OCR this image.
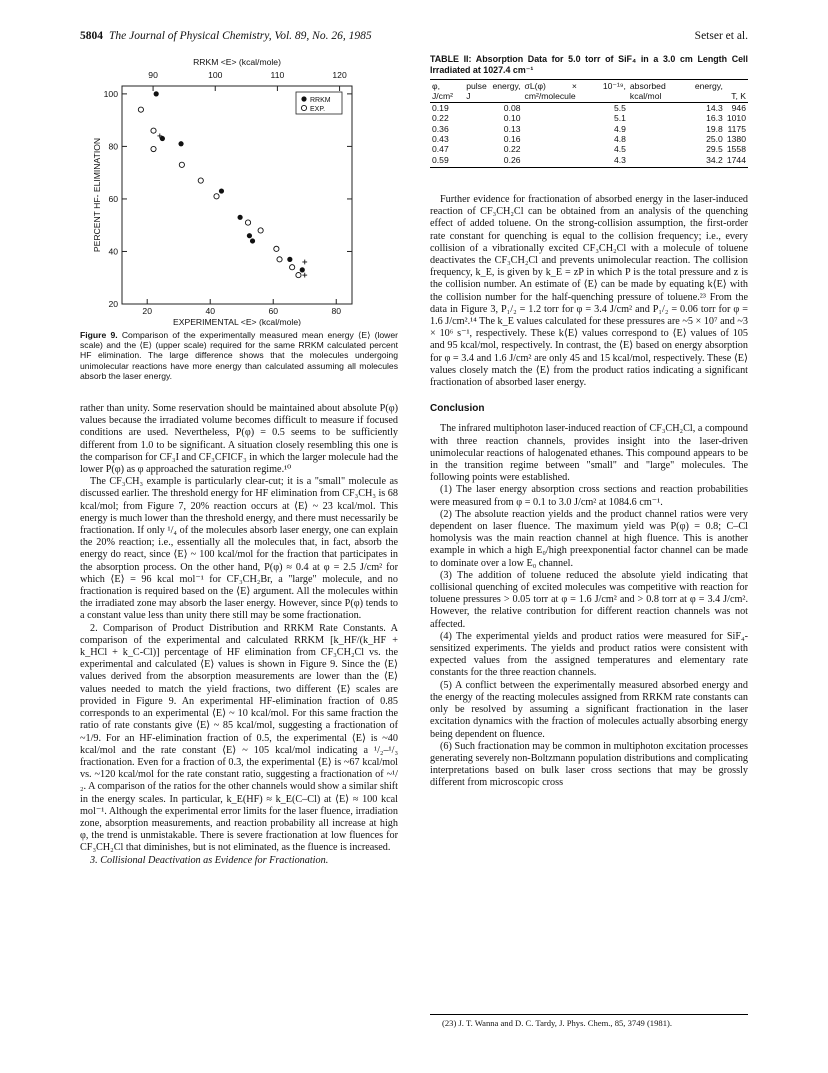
5804 The Journal of Physical Chemistry, Vol. 89, No. 26, 1985	Setser et al.
RRKM <E> (kcal/mole)
90	100	110	120
20	40	60	80
EXPERIMENTAL <E> (kcal/mole)
20
40
60
80
100
PERCENT HF- ELIMINATION
RRKM
EXP.
Figure 9. Comparison of the experimentally measured mean energy ⟨E⟩ (lower scale) and the ⟨E⟩ (upper scale) required for the same RRKM calculated percent HF elimination. The large difference shows that the molecules undergoing unimolecular reactions have more energy than calculated assuming all molecules absorb the laser energy.

rather than unity. Some reservation should be maintained about absolute P(φ) values because the irradiated volume becomes difficult to measure if focused conditions are used. Nevertheless, P(φ) = 0.5 seems to be sufficiently different from 1.0 to be significant. A situation closely resembling this one is the comparison for CF₃I and CF₃CFICF₃ in which the larger molecule had the lower P(φ) as φ approached the saturation regime.¹⁰

The CF₃CH₃ example is particularly clear-cut; it is a "small" molecule as discussed earlier. The threshold energy for HF elimination from CF₃CH₃ is 68 kcal/mol; from Figure 7, 20% reaction occurs at ⟨E⟩ ~ 23 kcal/mol. This energy is much lower than the threshold energy, and there must necessarily be fractionation. If only ¹/₄ of the molecules absorb laser energy, one can explain the 20% reaction; i.e., essentially all the molecules that, in fact, absorb the energy do react, since ⟨E⟩ ~ 100 kcal/mol for the fraction that participates in the absorption process. On the other hand, P(φ) ≈ 0.4 at φ = 2.5 J/cm² for which ⟨E⟩ = 96 kcal mol⁻¹ for CF₃CH₂Br, a "large" molecule, and no fractionation is required based on the ⟨E⟩ argument. All the molecules within the irradiated zone may absorb the laser energy. However, since P(φ) tends to a constant value less than unity there still may be some fractionation.

2. Comparison of Product Distribution and RRKM Rate Constants. A comparison of the experimental and calculated RRKM [k_HF/(k_HF + k_HCl + k_C-Cl)] percentage of HF elimination from CF₃CH₂Cl vs. the experimental and calculated ⟨E⟩ values is shown in Figure 9. Since the ⟨E⟩ values derived from the absorption measurements are lower than the ⟨E⟩ values needed to match the yield fractions, two different ⟨E⟩ scales are provided in Figure 9. An experimental HF-elimination fraction of 0.85 corresponds to an experimental ⟨E⟩ ~ 10 kcal/mol. For this same fraction the ratio of rate constants give ⟨E⟩ ~ 85 kcal/mol, suggesting a fractionation of ~1/9. For an HF-elimination fraction of 0.5, the experimental ⟨E⟩ is ~40 kcal/mol and the rate constant ⟨E⟩ ~ 105 kcal/mol indicating a ¹/₂–¹/₃ fractionation. Even for a fraction of 0.3, the experimental ⟨E⟩ is ~67 kcal/mol vs. ~120 kcal/mol for the rate constant ratio, suggesting a fractionation of ~¹/₂. A comparison of the ratios for the other channels would show a similar shift in the energy scales. In particular, k_E(HF) ≈ k_E(C–Cl) at ⟨E⟩ ≈ 100 kcal mol⁻¹. Although the experimental error limits for the laser fluence, irradiation zone, absorption measurements, and reaction probability all increase at high φ, the trend is unmistakable. There is severe fractionation at low fluences for CF₃CH₂Cl that diminishes, but is not eliminated, as the fluence is increased.

3. Collisional Deactivation as Evidence for Fractionation.

TABLE II: Absorption Data for 5.0 torr of SiF₄ in a 3.0 cm Length Cell Irradiated at 1027.4 cm⁻¹
φ, J/cm²	pulse energy, J	σL(φ) × 10⁻¹⁹, cm²/molecule	absorbed energy, kcal/mol	T, K
0.19	0.08	5.5	14.3	946
0.22	0.10	5.1	16.3	1010
0.36	0.13	4.9	19.8	1175
0.43	0.16	4.8	25.0	1380
0.47	0.22	4.5	29.5	1558
0.59	0.26	4.3	34.2	1744

Further evidence for fractionation of absorbed energy in the laser-induced reaction of CF₃CH₂Cl can be obtained from an analysis of the quenching effect of added toluene. On the strong-collision assumption, the first-order rate constant for quenching is equal to the collision frequency; i.e., every collision of a vibrationally excited CF₃CH₂Cl with a molecule of toluene deactivates the CF₃CH₂Cl and prevents unimolecular reaction. The collision frequency, k_E, is given by k_E = zP in which P is the total pressure and z is the collision number. An estimate of ⟨E⟩ can be made by equating k⟨E⟩ with the collision number for the half-quenching pressure of toluene.²³ From the data in Figure 3, P₁/₂ = 1.2 torr for φ = 3.4 J/cm² and P₁/₂ = 0.06 torr for φ = 1.6 J/cm².¹⁴ The k_E values calculated for these pressures are ~5 × 10⁷ and ~3 × 10⁶ s⁻¹, respectively. These k⟨E⟩ values correspond to ⟨E⟩ values of 105 and 95 kcal/mol, respectively. In contrast, the ⟨E⟩ based on energy absorption for φ = 3.4 and 1.6 J/cm² are only 45 and 15 kcal/mol, respectively. These ⟨E⟩ values closely match the ⟨E⟩ from the product ratios indicating a significant fractionation of absorbed laser energy.

Conclusion

The infrared multiphoton laser-induced reaction of CF₃CH₂Cl, a compound with three reaction channels, provides insight into the laser-driven unimolecular reactions of halogenated ethanes. This compound appears to be in the transition regime between "small" and "large" molecules. The following points were established.

(1) The laser energy absorption cross sections and reaction probabilities were measured from φ = 0.1 to 3.0 J/cm² at 1084.6 cm⁻¹.

(2) The absolute reaction yields and the product channel ratios were very dependent on laser fluence. The maximum yield was P(φ) = 0.8; C–Cl homolysis was the main reaction channel at high fluence. This is another example in which a high E₀/high preexponential factor channel can be made to dominate over a low E₀ channel.

(3) The addition of toluene reduced the absolute yield indicating that collisional quenching of excited molecules was competitive with reaction for toluene pressures > 0.05 torr at φ = 1.6 J/cm² and > 0.8 torr at φ = 3.4 J/cm². However, the relative contribution for different reaction channels was not affected.

(4) The experimental yields and product ratios were measured for SiF₄-sensitized experiments. The yields and product ratios were consistent with expected values from the assigned temperatures and elementary rate constants for the three reaction channels.

(5) A conflict between the experimentally measured absorbed energy and the energy of the reacting molecules assigned from RRKM rate constants can only be resolved by assuming a significant fractionation in the laser excitation dynamics with the fraction of molecules actually absorbing energy being dependent on fluence.

(6) Such fractionation may be common in multiphoton excitation processes generating severely non-Boltzmann population distributions and complicating interpretations based on bulk laser cross sections that may be grossly different from microscopic cross

(23) J. T. Wanna and D. C. Tardy, J. Phys. Chem., 85, 3749 (1981).
